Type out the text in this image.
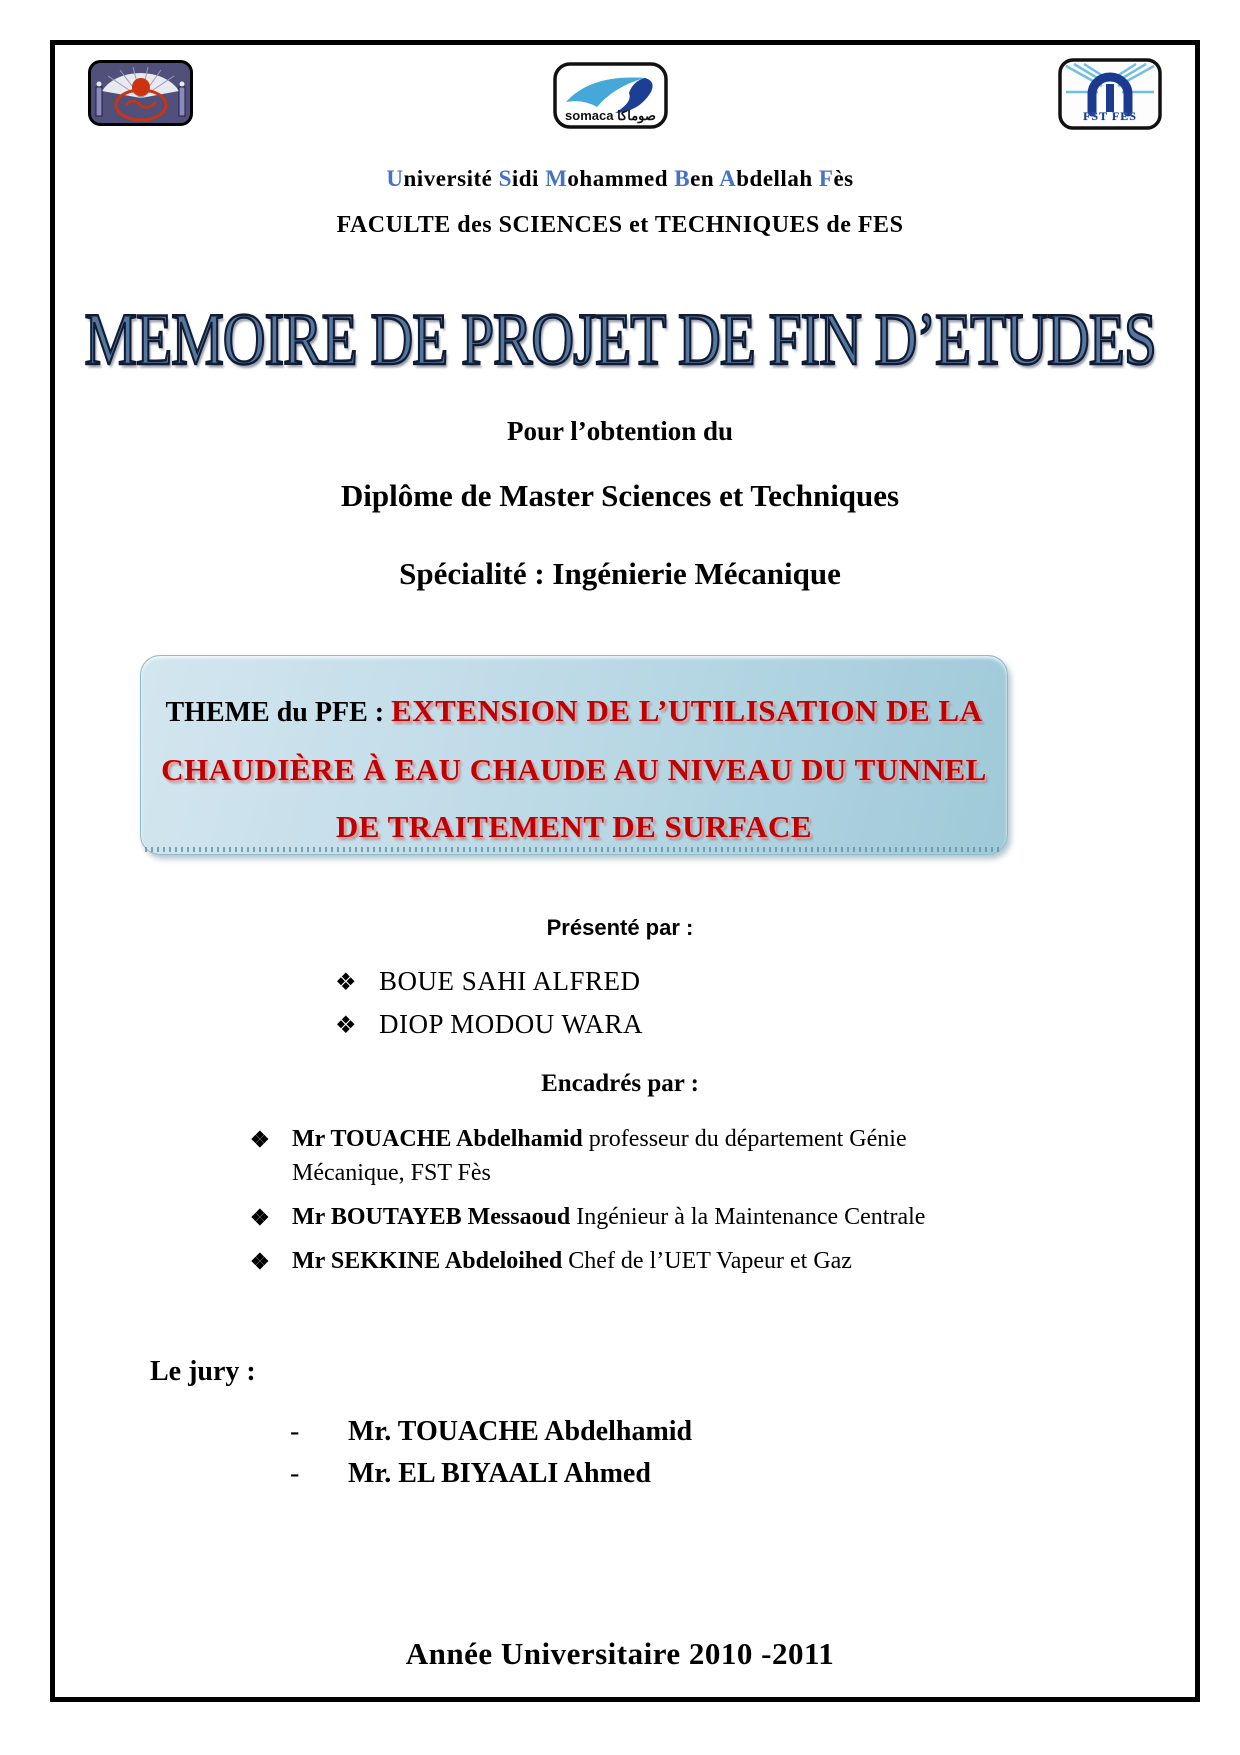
somaca صوماكا	FST FES
Université Sidi Mohammed Ben Abdellah Fès
FACULTE des SCIENCES et TECHNIQUES de FES
MEMOIRE DE PROJET DE FIN D’ETUDES
Pour l’obtention du
Diplôme de Master Sciences et Techniques
Spécialité : Ingénierie Mécanique
THEME du PFE : EXTENSION DE L’UTILISATION DE LA
CHAUDIÈRE À EAU CHAUDE AU NIVEAU DU TUNNEL
DE TRAITEMENT DE SURFACE
Présenté par :
❖ BOUE SAHI ALFRED
❖ DIOP MODOU WARA
Encadrés par :
❖ Mr TOUACHE Abdelhamid professeur du département Génie Mécanique, FST Fès
❖ Mr BOUTAYEB Messaoud Ingénieur à la Maintenance Centrale
❖ Mr SEKKINE Abdeloihed Chef de l’UET Vapeur et Gaz
Le jury :
- Mr. TOUACHE Abdelhamid
- Mr. EL BIYAALI Ahmed
Année Universitaire 2010 -2011
